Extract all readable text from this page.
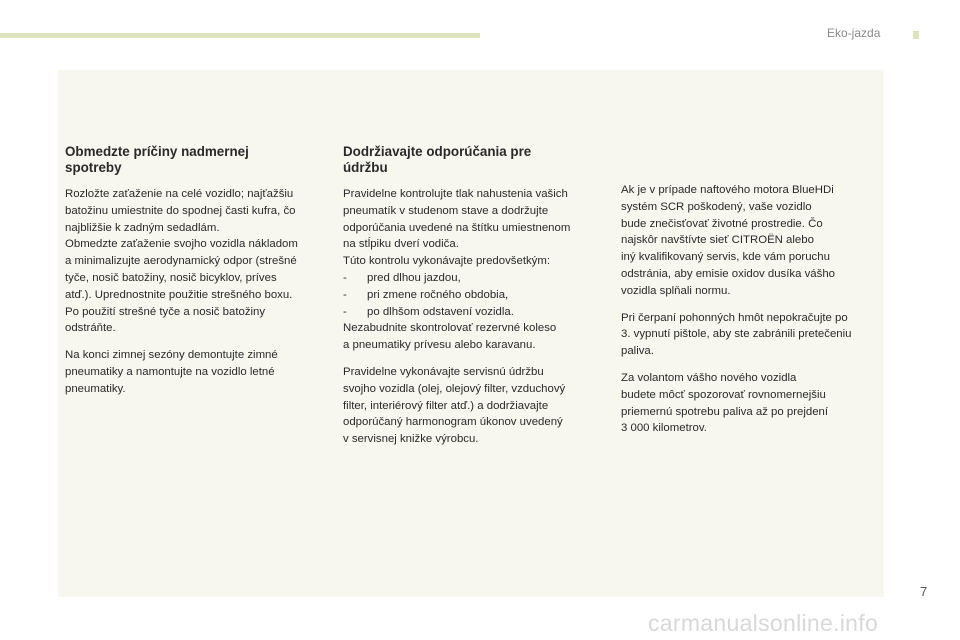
Eko-jazda
Obmedzte príčiny nadmernej
spotreby

Rozložte zaťaženie na celé vozidlo; najťažšiu
batožinu umiestnite do spodnej časti kufra, čo
najbližšie k zadným sedadlám.
Obmedzte zaťaženie svojho vozidla nákladom
a minimalizujte aerodynamický odpor (strešné
tyče, nosič batožiny, nosič bicyklov, príves
atď.). Uprednostnite použitie strešného boxu.
Po použití strešné tyče a nosič batožiny
odstráňte.

Na konci zimnej sezóny demontujte zimné
pneumatiky a namontujte na vozidlo letné
pneumatiky.

Dodržiavajte odporúčania pre
údržbu

Pravidelne kontrolujte tlak nahustenia vašich
pneumatík v studenom stave a dodržujte
odporúčania uvedené na štítku umiestnenom
na stĺpiku dverí vodiča.
Túto kontrolu vykonávajte predovšetkým:
- pred dlhou jazdou,
- pri zmene ročného obdobia,
- po dlhšom odstavení vozidla.
Nezabudnite skontrolovať rezervné koleso
a pneumatiky prívesu alebo karavanu.

Pravidelne vykonávajte servisnú údržbu
svojho vozidla (olej, olejový filter, vzduchový
filter, interiérový filter atď.) a dodržiavajte
odporúčaný harmonogram úkonov uvedený
v servisnej knižke výrobcu.

Ak je v prípade naftového motora BlueHDi
systém SCR poškodený, vaše vozidlo
bude znečisťovať životné prostredie. Čo
najskôr navštívte sieť CITROËN alebo
iný kvalifikovaný servis, kde vám poruchu
odstránia, aby emisie oxidov dusíka vášho
vozidla splňali normu.

Pri čerpaní pohonných hmôt nepokračujte po
3. vypnutí pištole, aby ste zabránili pretečeniu
paliva.

Za volantom vášho nového vozidla
budete môcť spozorovať rovnomernejšiu
priemernú spotrebu paliva až po prejdení
3 000 kilometrov.

7
carmanualsonline.info
